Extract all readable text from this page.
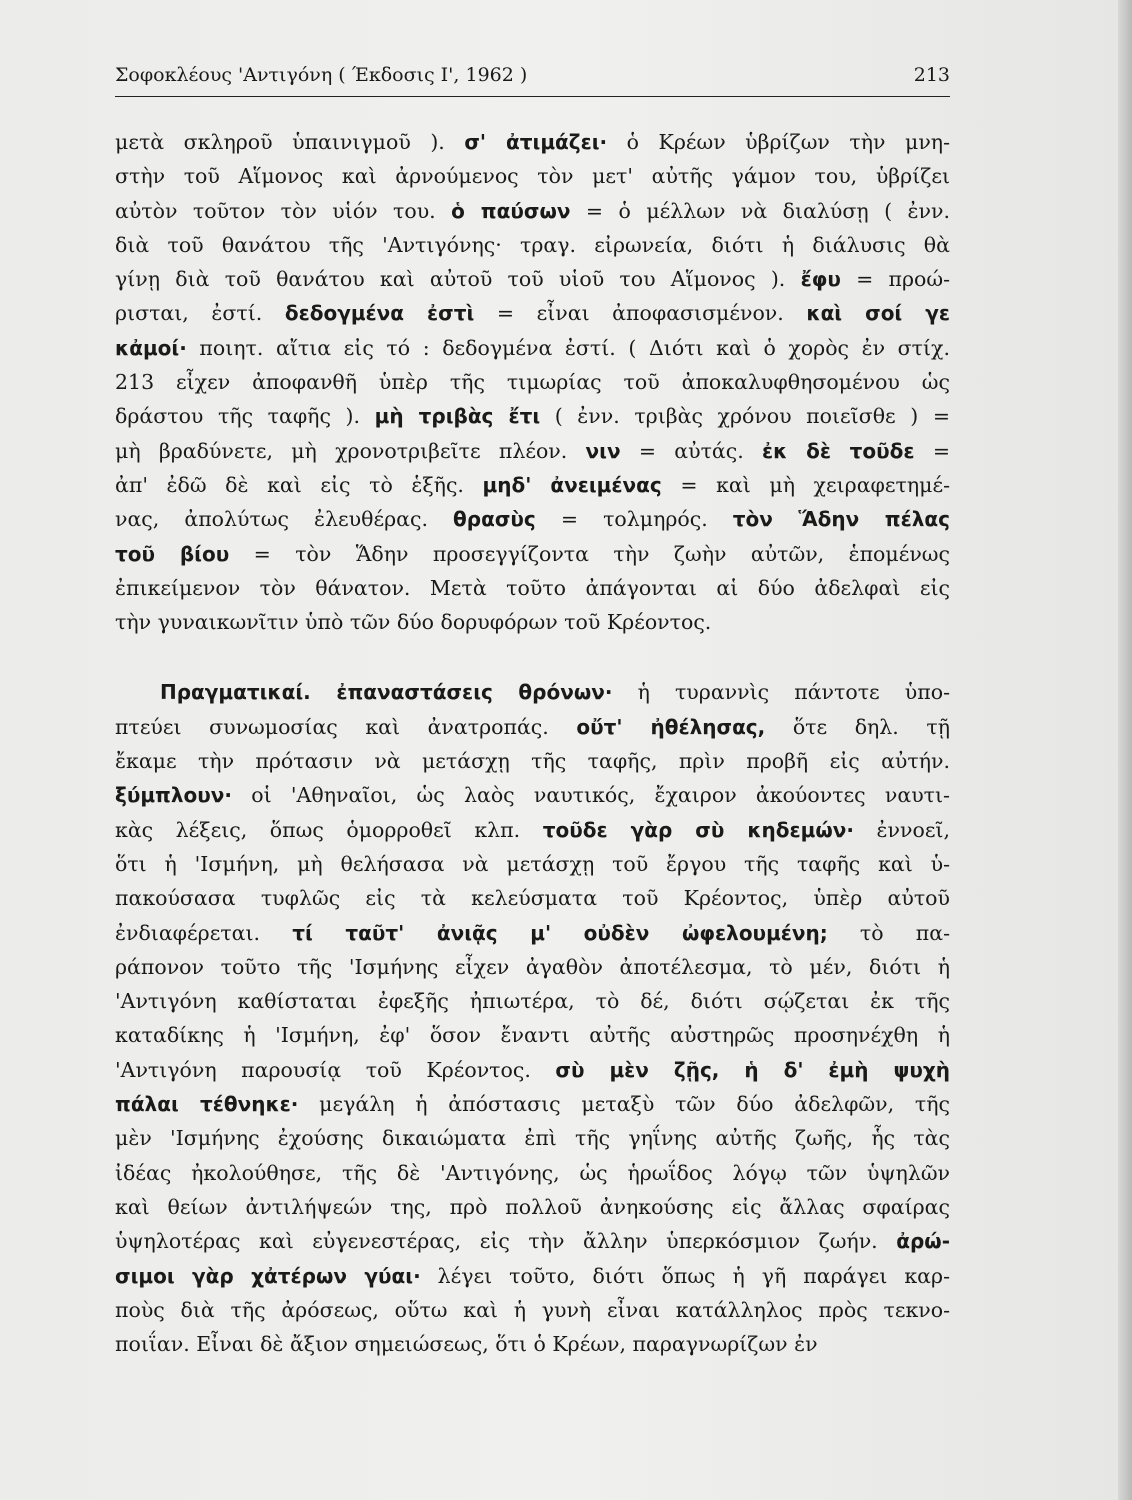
Σοφοκλέους 'Αντιγόνη ( Έκδοσις Ι', 1962 )	213
μετὰ σκληροῦ ὑπαινιγμοῦ ). σ' ἀτιμάζει· ὁ Κρέων ὑβρίζων τὴν μνη-
στὴν τοῦ Αἵμονος καὶ ἀρνούμενος τὸν μετ' αὐτῆς γάμον του, ὑβρίζει
αὐτὸν τοῦτον τὸν υἱόν του. ὁ παύσων = ὁ μέλλων νὰ διαλύσῃ ( ἐνν.
διὰ τοῦ θανάτου τῆς 'Αντιγόνης· τραγ. εἰρωνεία, διότι ἡ διάλυσις θὰ
γίνῃ διὰ τοῦ θανάτου καὶ αὐτοῦ τοῦ υἱοῦ του Αἵμονος ). ἔφυ = προώ-
ρισται, ἐστί. δεδογμένα ἐστὶ = εἶναι ἀποφασισμένον. καὶ σοί γε
κἀμοί· ποιητ. αἴτια εἰς τό : δεδογμένα ἐστί. ( Διότι καὶ ὁ χορὸς ἐν στίχ.
213 εἶχεν ἀποφανθῆ ὑπὲρ τῆς τιμωρίας τοῦ ἀποκαλυφθησομένου ὡς
δράστου τῆς ταφῆς ). μὴ τριβὰς ἔτι ( ἐνν. τριβὰς χρόνου ποιεῖσθε ) =
μὴ βραδύνετε, μὴ χρονοτριβεῖτε πλέον. νιν = αὐτάς. ἐκ δὲ τοῦδε =
ἀπ' ἐδῶ δὲ καὶ εἰς τὸ ἑξῆς. μηδ' ἀνειμένας = καὶ μὴ χειραφετημέ-
νας, ἀπολύτως ἐλευθέρας. θρασὺς = τολμηρός. τὸν Ἅδην πέλας
τοῦ βίου = τὸν Ἅδην προσεγγίζοντα τὴν ζωὴν αὐτῶν, ἑπομένως
ἐπικείμενον τὸν θάνατον. Μετὰ τοῦτο ἀπάγονται αἱ δύο ἀδελφαὶ εἰς
τὴν γυναικωνῖτιν ὑπὸ τῶν δύο δορυφόρων τοῦ Κρέοντος.
Πραγματικαί. ἐπαναστάσεις θρόνων· ἡ τυραννὶς πάντοτε ὑπο-
πτεύει συνωμοσίας καὶ ἀνατροπάς. οὔτ' ἠθέλησας, ὅτε δηλ. τῇ
ἔκαμε τὴν πρότασιν νὰ μετάσχῃ τῆς ταφῆς, πρὶν προβῆ εἰς αὐτήν.
ξύμπλουν· οἱ 'Αθηναῖοι, ὡς λαὸς ναυτικός, ἔχαιρον ἀκούοντες ναυτι-
κὰς λέξεις, ὅπως ὁμορροθεῖ κλπ. τοῦδε γὰρ σὺ κηδεμών· ἐννοεῖ,
ὅτι ἡ 'Ισμήνη, μὴ θελήσασα νὰ μετάσχῃ τοῦ ἔργου τῆς ταφῆς καὶ ὑ-
πακούσασα τυφλῶς εἰς τὰ κελεύσματα τοῦ Κρέοντος, ὑπὲρ αὐτοῦ
ἐνδιαφέρεται. τί ταῦτ' ἀνιᾷς μ' οὐδὲν ὠφελουμένη; τὸ πα-
ράπονον τοῦτο τῆς 'Ισμήνης εἶχεν ἀγαθὸν ἀποτέλεσμα, τὸ μέν, διότι ἡ
'Αντιγόνη καθίσταται ἐφεξῆς ἠπιωτέρα, τὸ δέ, διότι σῴζεται ἐκ τῆς
καταδίκης ἡ 'Ισμήνη, ἐφ' ὅσον ἔναντι αὐτῆς αὐστηρῶς προσηνέχθη ἡ
'Αντιγόνη παρουσίᾳ τοῦ Κρέοντος. σὺ μὲν ζῇς, ἡ δ' ἐμὴ ψυχὴ
πάλαι τέθνηκε· μεγάλη ἡ ἀπόστασις μεταξὺ τῶν δύο ἀδελφῶν, τῆς
μὲν 'Ισμήνης ἐχούσης δικαιώματα ἐπὶ τῆς γηΐνης αὐτῆς ζωῆς, ἧς τὰς
ἰδέας ἠκολούθησε, τῆς δὲ 'Αντιγόνης, ὡς ἡρωΐδος λόγῳ τῶν ὑψηλῶν
καὶ θείων ἀντιλήψεών της, πρὸ πολλοῦ ἀνηκούσης εἰς ἄλλας σφαίρας
ὑψηλοτέρας καὶ εὐγενεστέρας, εἰς τὴν ἄλλην ὑπερκόσμιον ζωήν. ἀρώ-
σιμοι γὰρ χἀτέρων γύαι· λέγει τοῦτο, διότι ὅπως ἡ γῆ παράγει καρ-
ποὺς διὰ τῆς ἀρόσεως, οὕτω καὶ ἡ γυνὴ εἶναι κατάλληλος πρὸς τεκνο-
ποιΐαν. Εἶναι δὲ ἄξιον σημειώσεως, ὅτι ὁ Κρέων, παραγνωρίζων ἐν
